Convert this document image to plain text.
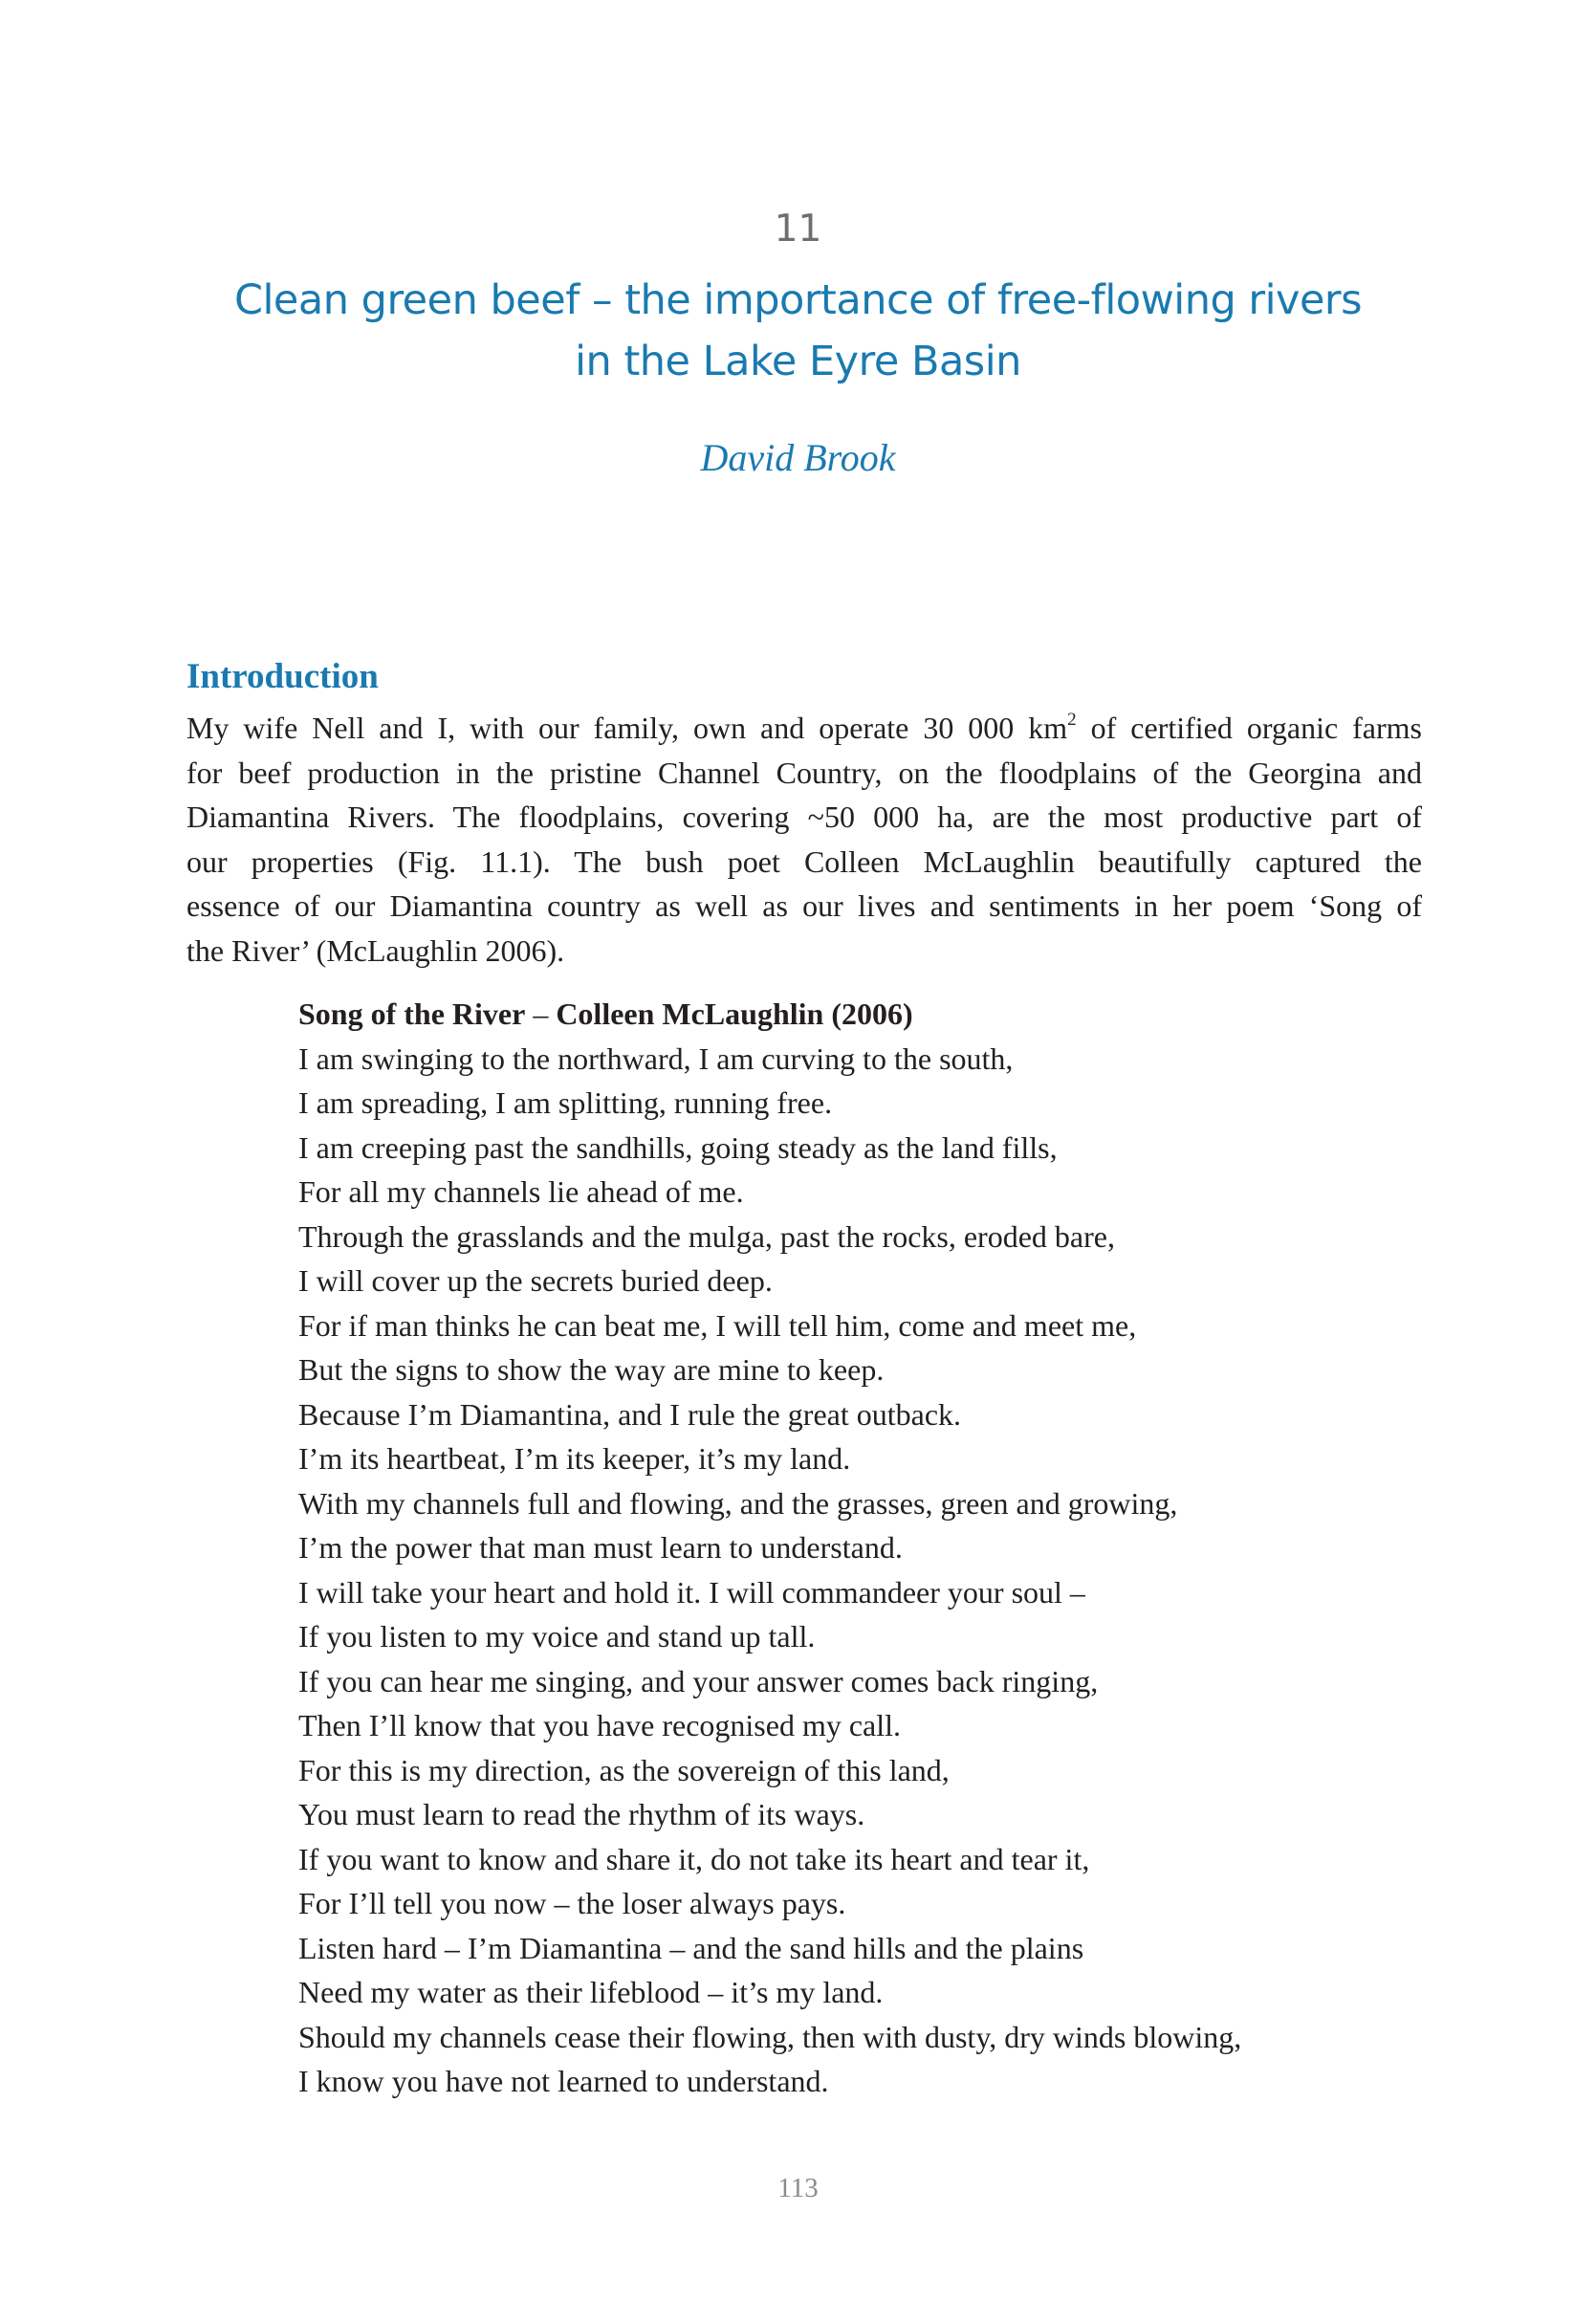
11
Clean green beef – the importance of free-flowing rivers
in the Lake Eyre Basin
David Brook
Introduction

My wife Nell and I, with our family, own and operate 30 000 $km^2$ of certified organic farms
for beef production in the pristine Channel Country, on the floodplains of the Georgina and
Diamantina Rivers. The floodplains, covering ~50 000 ha, are the most productive part of
our properties (Fig. 11.1). The bush poet Colleen McLaughlin beautifully captured the
essence of our Diamantina country as well as our lives and sentiments in her poem ‘Song of
the River’ (McLaughlin 2006).

Song of the River – Colleen McLaughlin (2006)
I am swinging to the northward, I am curving to the south,
I am spreading, I am splitting, running free.
I am creeping past the sandhills, going steady as the land fills,
For all my channels lie ahead of me.
Through the grasslands and the mulga, past the rocks, eroded bare,
I will cover up the secrets buried deep.
For if man thinks he can beat me, I will tell him, come and meet me,
But the signs to show the way are mine to keep.
Because I’m Diamantina, and I rule the great outback.
I’m its heartbeat, I’m its keeper, it’s my land.
With my channels full and flowing, and the grasses, green and growing,
I’m the power that man must learn to understand.
I will take your heart and hold it. I will commandeer your soul –
If you listen to my voice and stand up tall.
If you can hear me singing, and your answer comes back ringing,
Then I’ll know that you have recognised my call.
For this is my direction, as the sovereign of this land,
You must learn to read the rhythm of its ways.
If you want to know and share it, do not take its heart and tear it,
For I’ll tell you now – the loser always pays.
Listen hard – I’m Diamantina – and the sand hills and the plains
Need my water as their lifeblood – it’s my land.
Should my channels cease their flowing, then with dusty, dry winds blowing,
I know you have not learned to understand.
113
